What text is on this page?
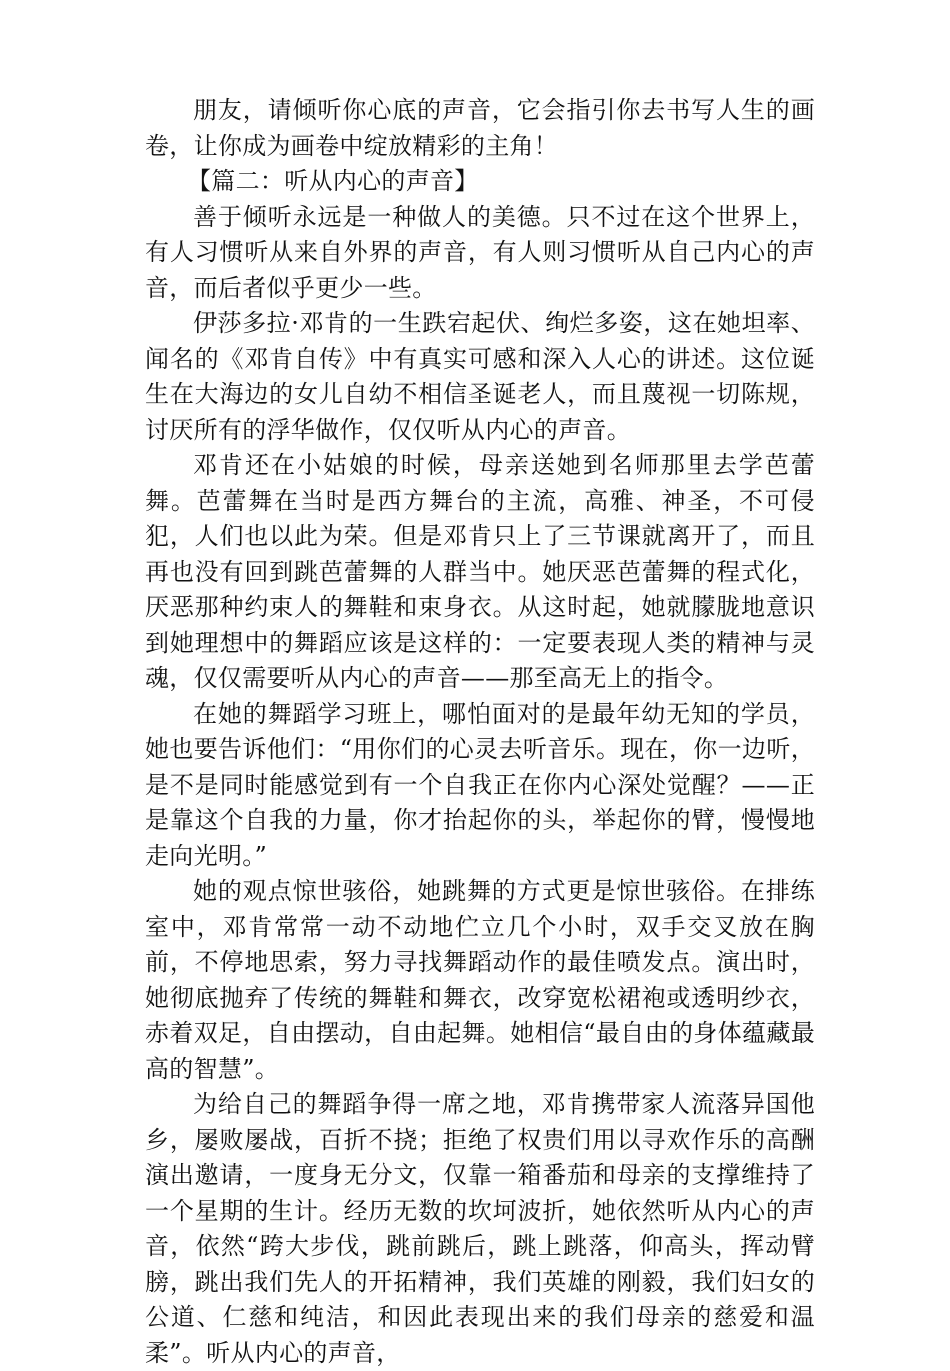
朋友，请倾听你心底的声音，它会指引你去书写人生的画卷，让你成为画卷中绽放精彩的主角！

【篇二：听从内心的声音】

善于倾听永远是一种做人的美德。只不过在这个世界上，有人习惯听从来自外界的声音，有人则习惯听从自己内心的声音，而后者似乎更少一些。

伊莎多拉·邓肯的一生跌宕起伏、绚烂多姿，这在她坦率、闻名的《邓肯自传》中有真实可感和深入人心的讲述。这位诞生在大海边的女儿自幼不相信圣诞老人，而且蔑视一切陈规，讨厌所有的浮华做作，仅仅听从内心的声音。

邓肯还在小姑娘的时候，母亲送她到名师那里去学芭蕾舞。芭蕾舞在当时是西方舞台的主流，高雅、神圣，不可侵犯，人们也以此为荣。但是邓肯只上了三节课就离开了，而且再也没有回到跳芭蕾舞的人群当中。她厌恶芭蕾舞的程式化，厌恶那种约束人的舞鞋和束身衣。从这时起，她就朦胧地意识到她理想中的舞蹈应该是这样的：一定要表现人类的精神与灵魂，仅仅需要听从内心的声音——那至高无上的指令。

在她的舞蹈学习班上，哪怕面对的是最年幼无知的学员，她也要告诉他们：“用你们的心灵去听音乐。现在，你一边听，是不是同时能感觉到有一个自我正在你内心深处觉醒？——正是靠这个自我的力量，你才抬起你的头，举起你的臂，慢慢地走向光明。”

她的观点惊世骇俗，她跳舞的方式更是惊世骇俗。在排练室中，邓肯常常一动不动地伫立几个小时，双手交叉放在胸前，不停地思索，努力寻找舞蹈动作的最佳喷发点。演出时，她彻底抛弃了传统的舞鞋和舞衣，改穿宽松裙袍或透明纱衣，赤着双足，自由摆动，自由起舞。她相信“最自由的身体蕴藏最高的智慧”。

为给自己的舞蹈争得一席之地，邓肯携带家人流落异国他乡，屡败屡战，百折不挠；拒绝了权贵们用以寻欢作乐的高酬演出邀请，一度身无分文，仅靠一箱番茄和母亲的支撑维持了一个星期的生计。经历无数的坎坷波折，她依然听从内心的声音，依然“跨大步伐，跳前跳后，跳上跳落，仰高头，挥动臂膀，跳出我们先人的开拓精神，我们英雄的刚毅，我们妇女的公道、仁慈和纯洁，和因此表现出来的我们母亲的慈爱和温柔”。听从内心的声音，
